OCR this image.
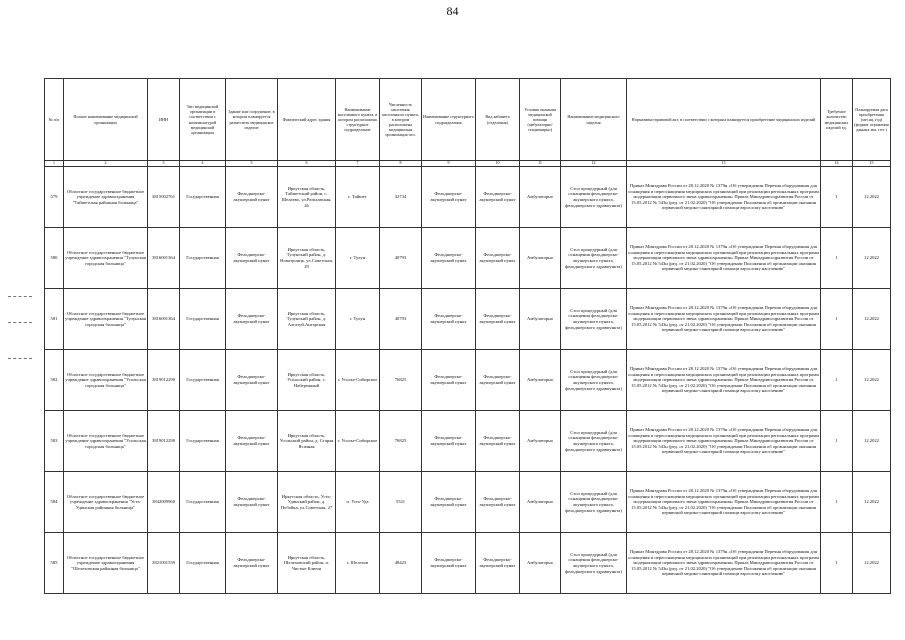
84
№ п/п	Полное наименование медицинской организации	ИНН	Тип медицинской организации в соответствии с номенклатурой медицинской организации	Здание или сооружение, в котором планируется разместить медицинское изделие	Фактический адрес здания	Наименование населенного пункта, в котором расположена структурное подразделение	Численность населения населенного пункта, в котором расположена медицинская организация чел.	Наименование структурного подразделения	Вид кабинета (отделения)	Условия оказания медицинской помощи (амбулаторно/ стационарно)	Наименование медицинского изделия	Нормативно-правовой акт, в соответствии с которым планируется приобретение медицинских изделий	Требуемое количество медицинских изделий ед.	Планируемая дата приобретения (месяц, год) (формат отражения данных мм. гггг.)
1	2	3	4	5	6	7	8	9	10	11	12	13	14	15
579	Областное государственное бюджетное учреждение здравоохранения "Тайшетская районная больница"	3815002761	Государственная	Фельдшерско-акушерский пункт	Иркутская область, Тайшетский район, с. Шелаево, ул.Partizanская, 26	г. Тайшет	32734	Фельдшерско-акушерский пункт	Фельдшерско-акушерский пункт	Амбулаторно	Стол процедурный (для оснащения фельдшерско-акушерского пункта, фельдшерского здравпункта)	Приказ Минздрава России от 28.12.2020 № 1379н «Об утверждении Перечня оборудования для оснащения и переоснащения медицинских организаций при реализации региональных программ модернизации первичного звена здравоохранения» Приказ Минздравсоцразвития России от 15.05.2012 № 543н (ред. от 21.02.2020) "Об утверждении Положения об организации оказания первичной медико-санитарной помощи взрослому населению"	1	12.2022
580	Областное государственное бюджетное учреждение здравоохранения "Тулунская городская больница"	3816001364	Государственная	Фельдшерско-акушерский пункт	Иркутская область, Тулунский район, д. Новотроицк, ул.Советская, 29	г. Тулун	40793	Фельдшерско-акушерский пункт	Фельдшерско-акушерский пункт	Амбулаторно	Стол процедурный (для оснащения фельдшерско-акушерского пункта, фельдшерского здравпункта)	Приказ Минздрава России от 28.12.2020 № 1379н «Об утверждении Перечня оборудования для оснащения и переоснащения медицинских организаций при реализации региональных программ модернизации первичного звена здравоохранения» Приказ Минздравсоцразвития России от 15.05.2012 № 543н (ред. от 21.02.2020) "Об утверждении Положения об организации оказания первичной медико-санитарной помощи взрослому населению"	1	12.2022
581	Областное государственное бюджетное учреждение здравоохранения "Тулунская городская больница"	3816001364	Государственная	Фельдшерско-акушерский пункт	Иркутская область, Тулунский район, д. Алгатуй,Ангарская	г. Тулун	40793	Фельдшерско-акушерский пункт	Фельдшерско-акушерский пункт	Амбулаторно	Стол процедурный (для оснащения фельдшерско-акушерского пункта, фельдшерского здравпункта)	Приказ Минздрава России от 28.12.2020 № 1379н «Об утверждении Перечня оборудования для оснащения и переоснащения медицинских организаций при реализации региональных программ модернизации первичного звена здравоохранения» Приказ Минздравсоцразвития России от 15.05.2012 № 543н (ред. от 21.02.2020) "Об утверждении Положения об организации оказания первичной медико-санитарной помощи взрослому населению"	1	12.2022
582	Областное государственное бюджетное учреждение здравоохранения "Усольская городская больница"	3819012290	Государственная	Фельдшерско-акушерский пункт	Иркутская область, Усольский район, с. Набережный	г. Усолье-Сибирское	76825	Фельдшерско-акушерский пункт	Фельдшерско-акушерский пункт	Амбулаторно	Стол процедурный (для оснащения фельдшерско-акушерского пункта, фельдшерского здравпункта)	Приказ Минздрава России от 28.12.2020 № 1379н «Об утверждении Перечня оборудования для оснащения и переоснащения медицинских организаций при реализации региональных программ модернизации первичного звена здравоохранения» Приказ Минздравсоцразвития России от 15.05.2012 № 543н (ред. от 21.02.2020) "Об утверждении Положения об организации оказания первичной медико-санитарной помощи взрослому населению"	1	12.2022
583	Областное государственное бюджетное учреждение здравоохранения "Усольская городская больница"	3819012290	Государственная	Фельдшерско-акушерский пункт	Иркутская область, Усольский район, д. Старая Ясачная	г. Усолье-Сибирское	76825	Фельдшерско-акушерский пункт	Фельдшерско-акушерский пункт	Амбулаторно	Стол процедурный (для оснащения фельдшерско-акушерского пункта, фельдшерского здравпункта)	Приказ Минздрава России от 28.12.2020 № 1379н «Об утверждении Перечня оборудования для оснащения и переоснащения медицинских организаций при реализации региональных программ модернизации первичного звена здравоохранения» Приказ Минздравсоцразвития России от 15.05.2012 № 543н (ред. от 21.02.2020) "Об утверждении Положения об организации оказания первичной медико-санитарной помощи взрослому населению"	1	12.2022
584	Областное государственное бюджетное учреждение здравоохранения "Усть-Удинская районная больница"	3842009960	Государственная	Фельдшерско-акушерский пункт	Иркутская область, Усть-Удинский район, д. Побойка, ул.Советская, 27	п. Усть-Уда	5521	Фельдшерско-акушерский пункт	Фельдшерско-акушерский пункт	Амбулаторно	Стол процедурный (для оснащения фельдшерско-акушерского пункта, фельдшерского здравпункта)	Приказ Минздрава России от 28.12.2020 № 1379н «Об утверждении Перечня оборудования для оснащения и переоснащения медицинских организаций при реализации региональных программ модернизации первичного звена здравоохранения» Приказ Минздравсоцразвития России от 15.05.2012 № 543н (ред. от 21.02.2020) "Об утверждении Положения об организации оказания первичной медико-санитарной помощи взрослому населению"	1	12.2022
585	Областное государственное бюджетное учреждение здравоохранения "Шелеховская районная больница"	3821001539	Государственная	Фельдшерско-акушерский пункт	Иркутская область, Шелеховский район, п. Чистые Ключи	г. Шелехов	48423	Фельдшерско-акушерский пункт	Фельдшерско-акушерский пункт	Амбулаторно	Стол процедурный (для оснащения фельдшерско-акушерского пункта, фельдшерского здравпункта)	Приказ Минздрава России от 28.12.2020 № 1379н «Об утверждении Перечня оборудования для оснащения и переоснащения медицинских организаций при реализации региональных программ модернизации первичного звена здравоохранения» Приказ Минздравсоцразвития России от 15.05.2012 № 543н (ред. от 21.02.2020) "Об утверждении Положения об организации оказания первичной медико-санитарной помощи взрослому населению"	1	12.2022
